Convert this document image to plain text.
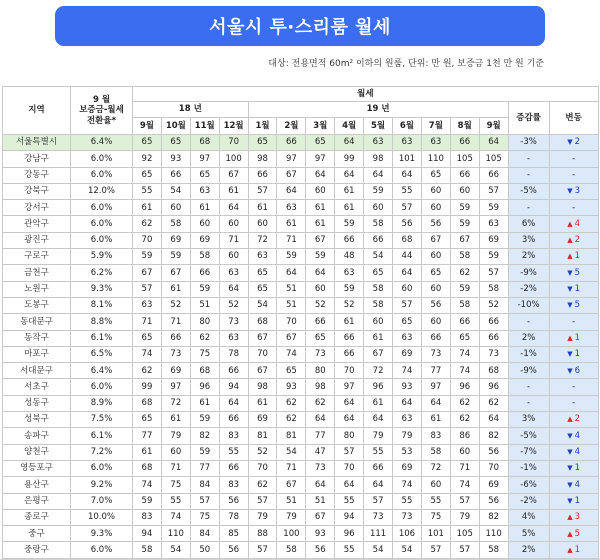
서울시 투·스리룸 월세
대상: 전용면적 60m² 이하의 원룸, 단위: 만 원, 보증금 1천 만 원 기준
지역	9 월
보증금-월세
전환율*	월세														
		18 년				19 년									증감률	변동
		9월	10월	11월	12월	1월	2월	3월	4월	5월	6월	7월	8월	9월		
서울특별시	6.4%	65	65	68	70	65	66	65	64	63	63	63	66	64	-3%	▼ 2
강남구	6.0%	92	93	97	100	98	97	97	99	98	101	110	105	105	-	-
강동구	6.0%	65	66	65	67	66	67	64	64	64	64	65	66	66	-	-
강북구	12.0%	55	54	63	61	57	64	60	61	59	55	60	60	57	-5%	▼ 3
강서구	6.0%	61	60	61	64	61	63	61	61	60	57	60	59	59	-	-
관악구	6.0%	62	58	60	60	60	61	61	59	58	56	56	59	63	6%	▲ 4
광진구	6.0%	70	69	69	71	72	71	67	66	66	68	67	67	69	3%	▲ 2
구로구	5.9%	59	59	58	60	63	59	59	48	54	44	60	58	59	2%	▲ 1
금천구	6.2%	67	67	66	63	65	64	64	63	65	64	65	62	57	-9%	▼ 5
노원구	9.3%	57	61	59	64	65	51	60	59	58	60	60	59	58	-2%	▼ 1
도봉구	8.1%	63	52	51	52	54	51	52	52	58	57	56	58	52	-10%	▼ 5
동대문구	8.8%	71	71	80	73	68	70	66	61	60	65	60	66	66	-	-
동작구	6.1%	65	66	62	63	67	67	65	66	61	63	66	65	66	2%	▲ 1
마포구	6.5%	74	73	75	78	70	74	73	66	67	69	73	74	73	-1%	▼ 1
서대문구	6.4%	62	69	68	66	67	65	80	70	72	74	77	74	68	-9%	▼ 6
서초구	6.0%	99	97	96	94	98	93	98	97	96	93	97	96	96	-	-
성동구	8.9%	68	72	61	64	61	62	62	64	61	64	64	62	62	-	-
성북구	7.5%	65	61	59	66	69	62	64	64	64	63	61	62	64	3%	▲ 2
송파구	6.1%	77	79	82	83	81	81	77	80	79	79	83	86	82	-5%	▼ 4
양천구	7.2%	61	60	59	55	52	54	47	57	55	53	58	60	56	-7%	▼ 4
영등포구	6.0%	68	71	77	66	70	71	73	70	66	69	72	71	70	-1%	▼ 1
용산구	9.2%	74	75	84	83	62	67	64	64	64	74	60	74	69	-6%	▼ 4
은평구	7.0%	59	55	57	56	57	51	51	55	57	55	55	57	56	-2%	▼ 1
종로구	10.0%	83	74	75	78	79	79	67	94	73	73	75	79	82	4%	▲ 3
중구	9.3%	94	110	84	85	88	100	93	96	111	106	101	105	110	5%	▲ 5
중랑구	6.0%	58	54	50	56	57	58	56	55	54	54	57	57	58	2%	▲ 1
